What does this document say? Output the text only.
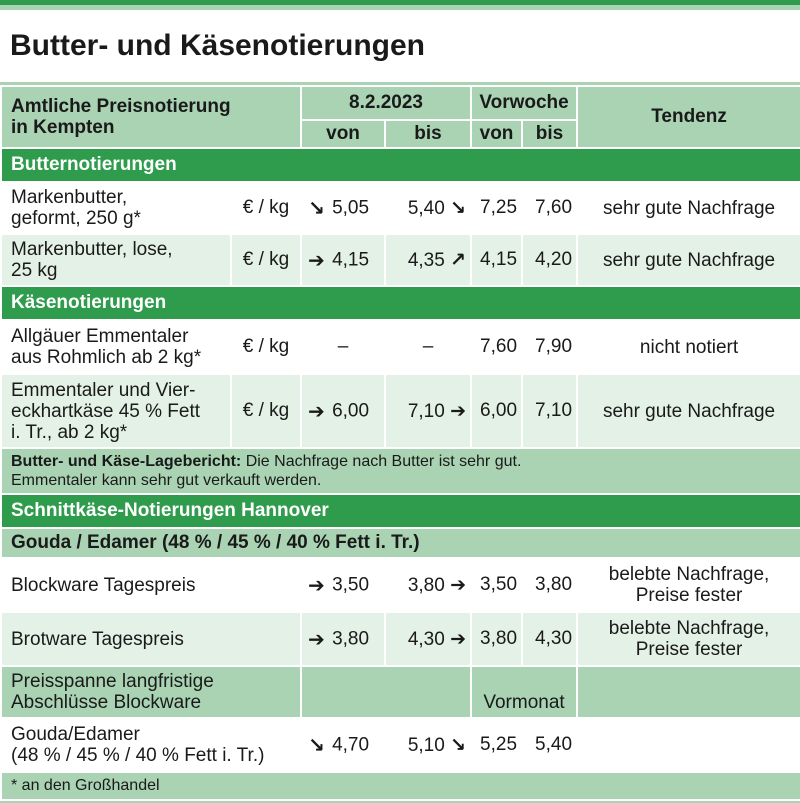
Butter- und Käsenotierungen
Amtliche Preisnotierung
in Kempten		8.2.2023		Vorwoche		Tendenz
		von	bis	von	bis	
Butternotierungen						

Markenbutter,
geformt, 250 g*	€ / kg	↘ 5,05	5,40 ↘	7,25	7,60	sehr gute Nachfrage

Markenbutter, lose,
25 kg	€ / kg	➔ 4,15	4,35 ↗	4,15	4,20	sehr gute Nachfrage
Käsenotierungen						

Allgäuer Emmentaler
aus Rohmlich ab 2 kg*	€ / kg	–	–	7,60	7,90	nicht notiert

Emmentaler und Vier-
eckhartkäse 45 % Fett
i. Tr., ab 2 kg*	€ / kg	➔ 6,00	7,10 ➔	6,00	7,10	sehr gute Nachfrage

Butter- und Käse-Lagebericht: Die Nachfrage nach Butter ist sehr gut.
Emmentaler kann sehr gut verkauft werden.						

Schnittkäse-Notierungen Hannover						
Gouda / Edamer (48 % / 45 % / 40 % Fett i. Tr.)						
Blockware Tagespreis		➔ 3,50	3,80 ➔	3,50	3,80	belebte Nachfrage,
Preise fester

Brotware Tagespreis		➔ 3,80	4,30 ➔	3,80	4,30	belebte Nachfrage,
Preise fester

Preisspanne langfristige
Abschlüsse Blockware				Vormonat		

Gouda/Edamer
(48 % / 45 % / 40 % Fett i. Tr.)		↘ 4,70	5,10 ↘	5,25	5,40	
* an den Großhandel						
